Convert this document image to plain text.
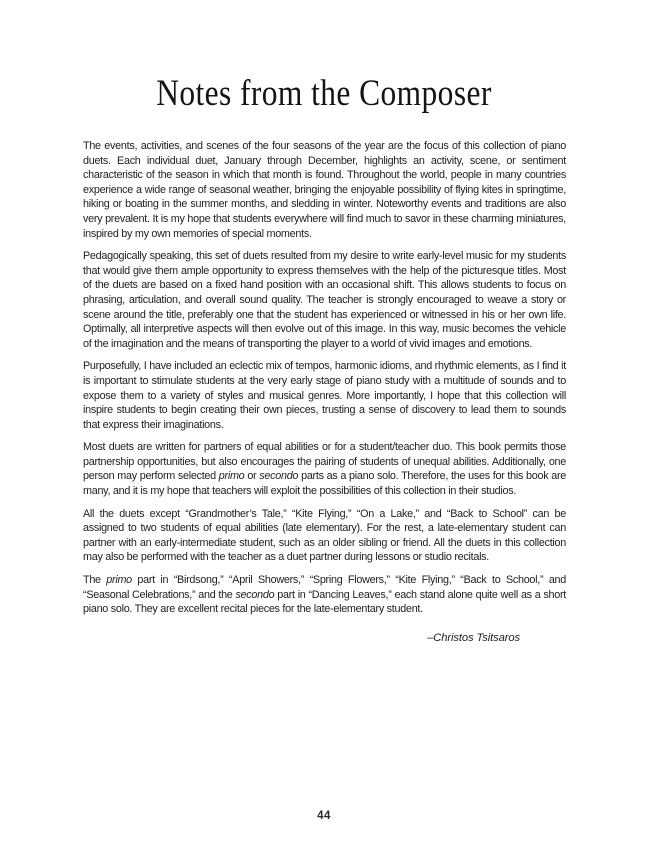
Notes from the Composer

The events, activities, and scenes of the four seasons of the year are the focus of this collection of piano duets. Each individual duet, January through December, highlights an activity, scene, or sentiment characteristic of the season in which that month is found. Throughout the world, people in many countries experience a wide range of seasonal weather, bringing the enjoyable possibility of flying kites in springtime, hiking or boating in the summer months, and sledding in winter. Noteworthy events and traditions are also very prevalent. It is my hope that students everywhere will find much to savor in these charming miniatures, inspired by my own memories of special moments.

Pedagogically speaking, this set of duets resulted from my desire to write early-level music for my students that would give them ample opportunity to express themselves with the help of the picturesque titles. Most of the duets are based on a fixed hand position with an occasional shift. This allows students to focus on phrasing, articulation, and overall sound quality. The teacher is strongly encouraged to weave a story or scene around the title, preferably one that the student has experienced or witnessed in his or her own life. Optimally, all interpretive aspects will then evolve out of this image. In this way, music becomes the vehicle of the imagination and the means of transporting the player to a world of vivid images and emotions.

Purposefully, I have included an eclectic mix of tempos, harmonic idioms, and rhythmic elements, as I find it is important to stimulate students at the very early stage of piano study with a multitude of sounds and to expose them to a variety of styles and musical genres. More importantly, I hope that this collection will inspire students to begin creating their own pieces, trusting a sense of discovery to lead them to sounds that express their imaginations.

Most duets are written for partners of equal abilities or for a student/teacher duo. This book permits those partnership opportunities, but also encourages the pairing of students of unequal abilities. Additionally, one person may perform selected primo or secondo parts as a piano solo. Therefore, the uses for this book are many, and it is my hope that teachers will exploit the possibilities of this collection in their studios.

All the duets except “Grandmother’s Tale,” “Kite Flying,” “On a Lake,” and “Back to School” can be assigned to two students of equal abilities (late elementary). For the rest, a late-elementary student can partner with an early-intermediate student, such as an older sibling or friend. All the duets in this collection may also be performed with the teacher as a duet partner during lessons or studio recitals.

The primo part in “Birdsong,” “April Showers,” “Spring Flowers,” “Kite Flying,” “Back to School,” and “Seasonal Celebrations,” and the secondo part in “Dancing Leaves,” each stand alone quite well as a short piano solo. They are excellent recital pieces for the late-elementary student.

–Christos Tsitsaros

44
